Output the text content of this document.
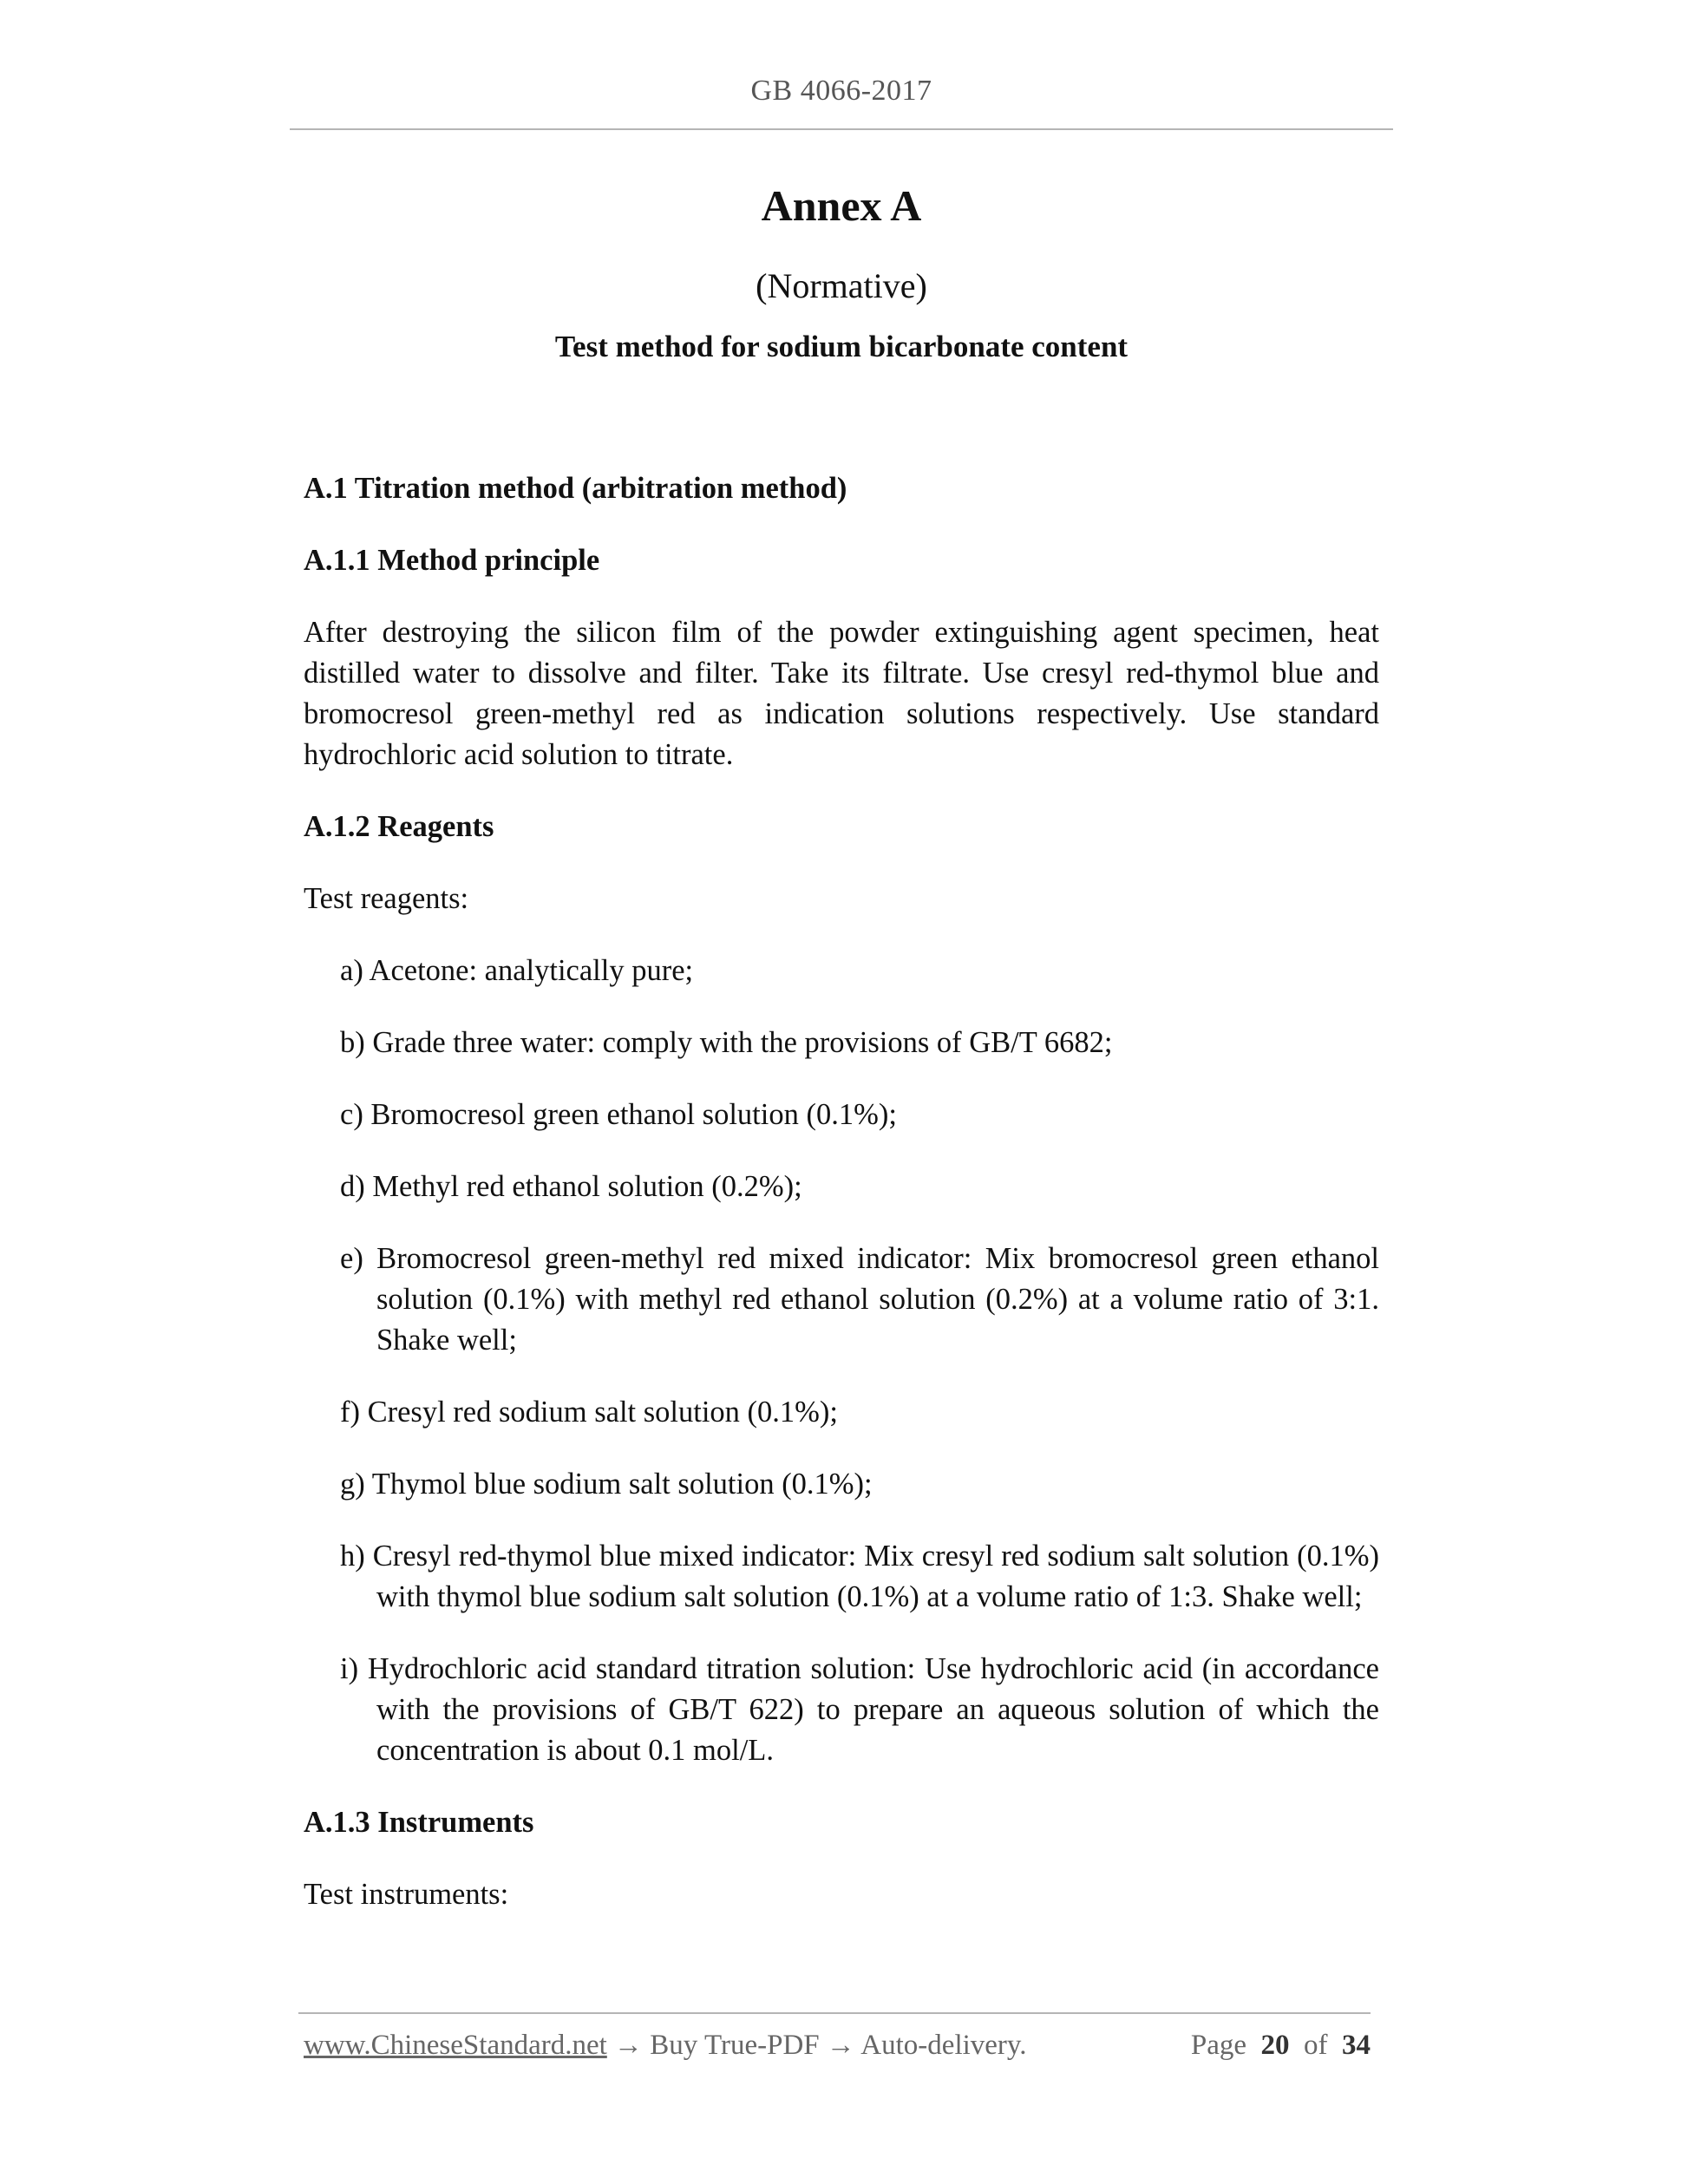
GB 4066-2017
Annex A
(Normative)
Test method for sodium bicarbonate content

A.1 Titration method (arbitration method)

A.1.1 Method principle

After destroying the silicon film of the powder extinguishing agent specimen, heat distilled water to dissolve and filter. Take its filtrate. Use cresyl red-thymol blue and bromocresol green-methyl red as indication solutions respectively. Use standard hydrochloric acid solution to titrate.

A.1.2 Reagents

Test reagents:

a) Acetone: analytically pure;

b) Grade three water: comply with the provisions of GB/T 6682;

c) Bromocresol green ethanol solution (0.1%);

d) Methyl red ethanol solution (0.2%);

e) Bromocresol green-methyl red mixed indicator: Mix bromocresol green ethanol solution (0.1%) with methyl red ethanol solution (0.2%) at a volume ratio of 3:1. Shake well;

f) Cresyl red sodium salt solution (0.1%);

g) Thymol blue sodium salt solution (0.1%);

h) Cresyl red-thymol blue mixed indicator: Mix cresyl red sodium salt solution (0.1%) with thymol blue sodium salt solution (0.1%) at a volume ratio of 1:3. Shake well;

i) Hydrochloric acid standard titration solution: Use hydrochloric acid (in accordance with the provisions of GB/T 622) to prepare an aqueous solution of which the concentration is about 0.1 mol/L.

A.1.3 Instruments

Test instruments:

www.ChineseStandard.net → Buy True-PDF → Auto-delivery.	Page 20 of 34
